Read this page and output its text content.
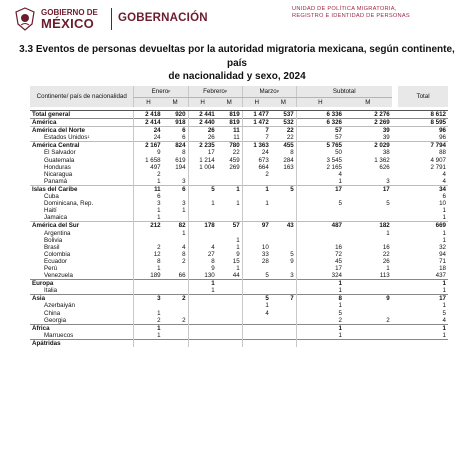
GOBIERNO DE
MÉXICO	GOBERNACIÓN
UNIDAD DE POLÍTICA MIGRATORIA,
REGISTRO E IDENTIDAD DE PERSONAS
3.3 Eventos de personas devueltas por la autoridad migratoria mexicana, según continente, país
de nacionalidad y sexo, 2024
Continente/ país de nacionalidad	Enero$^p$		Febrero$^p$		Marzo$^p$		Subtotal			Total
	H	M	H	M	H	M	H	M		

Total general	2 418	920	2 441	819	1 477	537	6 336	2 276		8 612
América	2 414	918	2 440	819	1 472	532	6 326	2 269		8 595
América del Norte	24	6	26	11	7	22	57	39		96
Estados Unidos$^1$	24	6	26	11	7	22	57	39		96
América Central	2 167	824	2 235	780	1 363	455	5 765	2 029		7 794
El Salvador	9	8	17	22	24	8	50	38		88
Guatemala	1 658	619	1 214	459	673	284	3 545	1 362		4 907
Honduras	497	194	1 004	269	664	163	2 165	626		2 791
Nicaragua	2				2		4			4
Panamá	1	3					1	3		4
Islas del Caribe	11	6	5	1	1	5	17	17		34
Cuba	6									6
Dominicana, Rep.	3	3	1	1	1		5	5		10
Haití	1	1								1
Jamaica	1									1
América del Sur	212	82	178	57	97	43	487	182		669
Argentina		1						1		1
Bolivia				1						1
Brasil	2	4	4	1	10		16	16		32
Colombia	12	8	27	9	33	5	72	22		94
Ecuador	8	2	8	15	28	9	45	26		71
Perú	1		9	1			17	1		18
Venezuela	189	66	130	44	5	3	324	113		437
Europa			1				1			1
Italia			1				1			1
Asia	3	2			5	7	8	9		17
Azerbaiyán					1		1			1
China	1				4		5			5
Georgia	2	2					2	2		4
África	1						1			1
Marruecos	1						1			1
Apátridas										
